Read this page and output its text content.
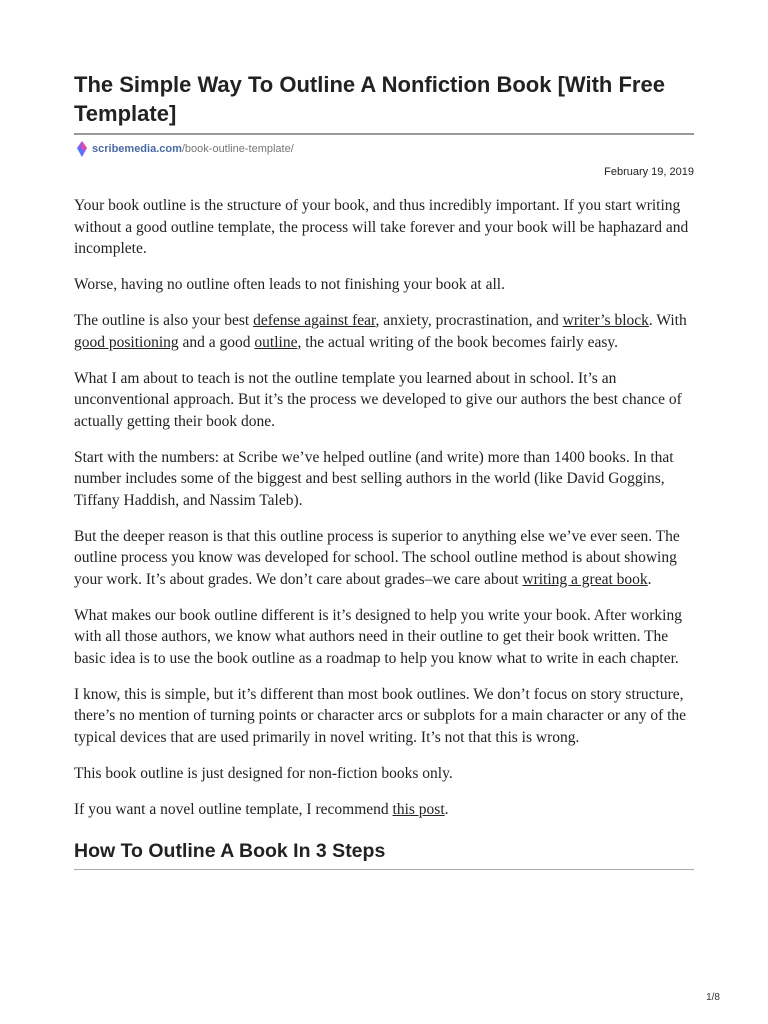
The Simple Way To Outline A Nonfiction Book [With Free Template]
scribemedia.com /book-outline-template/
February 19, 2019

Your book outline is the structure of your book, and thus incredibly important. If you start writing without a good outline template, the process will take forever and your book will be haphazard and incomplete.

Worse, having no outline often leads to not finishing your book at all.

The outline is also your best defense against fear, anxiety, procrastination, and writer’s block. With good positioning and a good outline, the actual writing of the book becomes fairly easy.

What I am about to teach is not the outline template you learned about in school. It’s an unconventional approach. But it’s the process we developed to give our authors the best chance of actually getting their book done.

Start with the numbers: at Scribe we’ve helped outline (and write) more than 1400 books. In that number includes some of the biggest and best selling authors in the world (like David Goggins, Tiffany Haddish, and Nassim Taleb).

But the deeper reason is that this outline process is superior to anything else we’ve ever seen. The outline process you know was developed for school. The school outline method is about showing your work. It’s about grades. We don’t care about grades–we care about writing a great book.

What makes our book outline different is it’s designed to help you write your book. After working with all those authors, we know what authors need in their outline to get their book written. The basic idea is to use the book outline as a roadmap to help you know what to write in each chapter.

I know, this is simple, but it’s different than most book outlines. We don’t focus on story structure, there’s no mention of turning points or character arcs or subplots for a main character or any of the typical devices that are used primarily in novel writing. It’s not that this is wrong.

This book outline is just designed for non-fiction books only.

If you want a novel outline template, I recommend this post.

How To Outline A Book In 3 Steps
1/8
